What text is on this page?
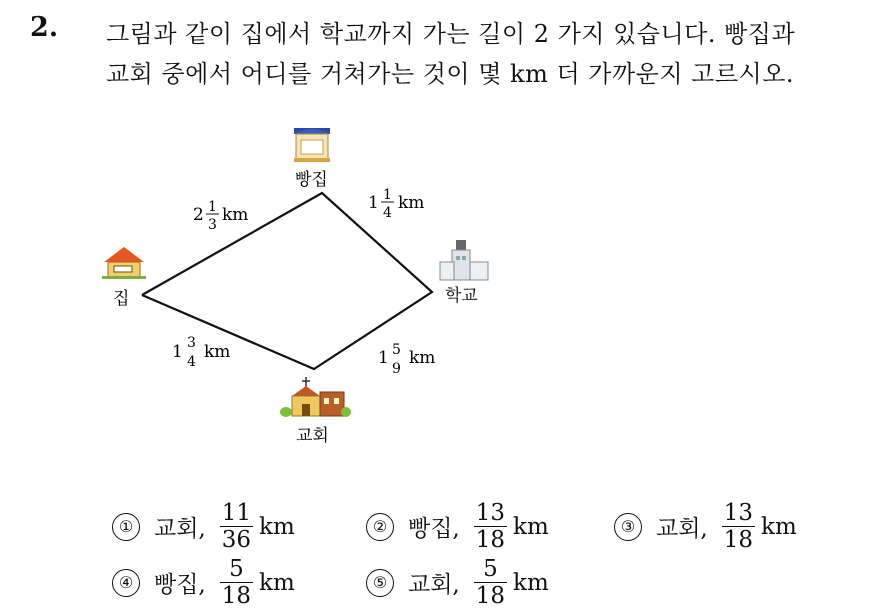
2. 그림과 같이 집에서 학교까지 가는 길이 2 가지 있습니다. 빵집과
교회 중에서 어디를 거쳐가는 것이 몇 km 더 가까운지 고르시오.
빵집
집	학교
교회
2 1
3 km
1 1
4 km
1 3
4 km	1 5
9
km
① 교회, $\frac{11}{36}$ km	② 빵집, $\frac{13}{18}$ km	③ 교회, $\frac{13}{18}$ km
④ 빵집, $\frac{5}{18}$ km	⑤ 교회, $\frac{5}{18}$ km
